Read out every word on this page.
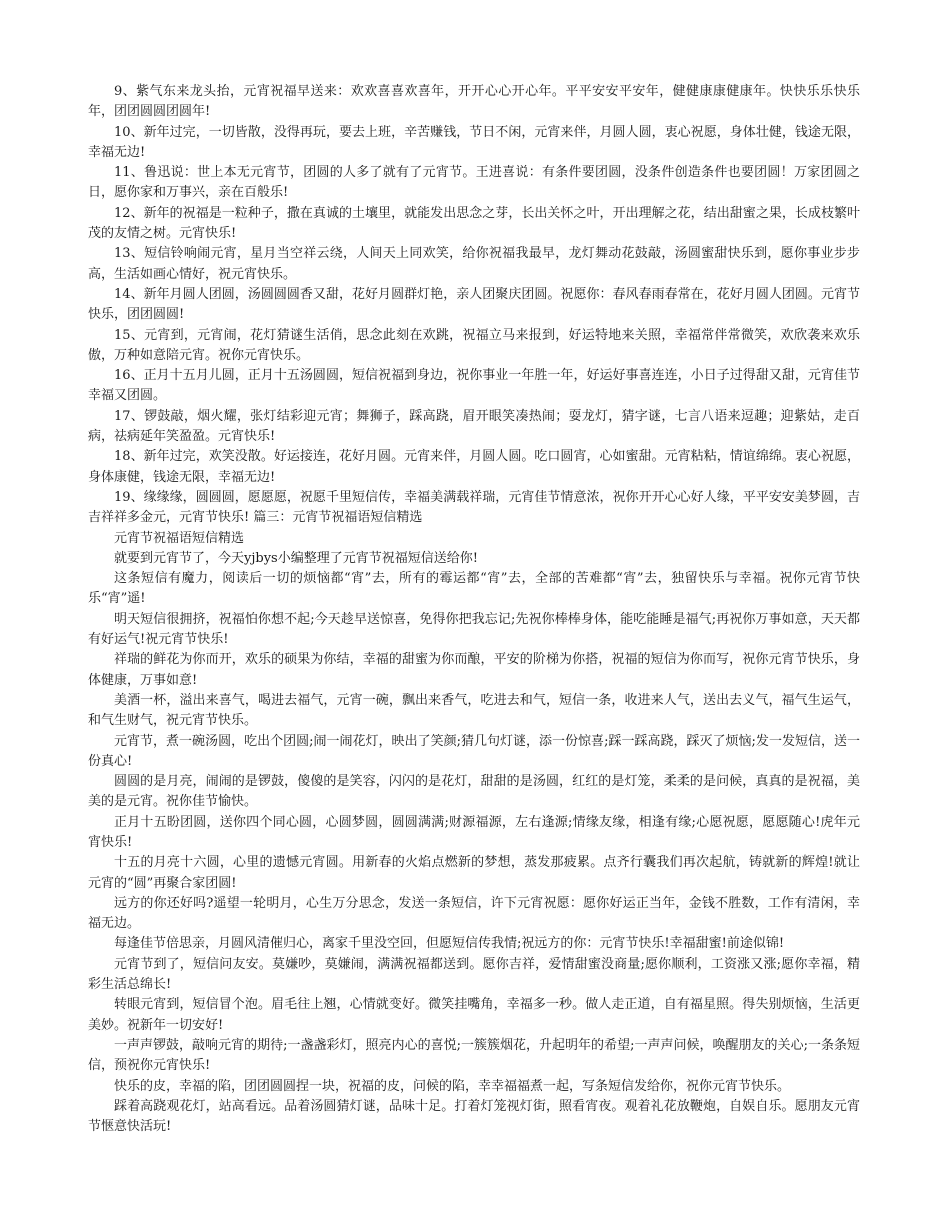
9、紫气东来龙头抬，元宵祝福早送来：欢欢喜喜欢喜年，开开心心开心年。平平安安平安年，健健康康健康年。快快乐乐快乐年，团团圆圆团圆年!

10、新年过完，一切皆散，没得再玩，要去上班，辛苦赚钱，节日不闲，元宵来伴，月圆人圆，衷心祝愿，身体壮健，钱途无限，幸福无边!

11、鲁迅说：世上本无元宵节，团圆的人多了就有了元宵节。王进喜说：有条件要团圆，没条件创造条件也要团圆！万家团圆之日，愿你家和万事兴，亲在百般乐!

12、新年的祝福是一粒种子，撒在真诚的土壤里，就能发出思念之芽，长出关怀之叶，开出理解之花，结出甜蜜之果，长成枝繁叶茂的友情之树。元宵快乐!

13、短信铃响闹元宵，星月当空祥云绕，人间天上同欢笑，给你祝福我最早，龙灯舞动花鼓敲，汤圆蜜甜快乐到，愿你事业步步高，生活如画心情好，祝元宵快乐。

14、新年月圆人团圆，汤圆圆圆香又甜，花好月圆群灯艳，亲人团聚庆团圆。祝愿你：春风春雨春常在，花好月圆人团圆。元宵节快乐，团团圆圆!

15、元宵到，元宵闹，花灯猜谜生活俏，思念此刻在欢跳，祝福立马来报到，好运特地来关照，幸福常伴常微笑，欢欣袭来欢乐傲，万种如意陪元宵。祝你元宵快乐。

16、正月十五月儿圆，正月十五汤圆圆，短信祝福到身边，祝你事业一年胜一年，好运好事喜连连，小日子过得甜又甜，元宵佳节幸福又团圆。

17、锣鼓敲，烟火耀，张灯结彩迎元宵；舞狮子，踩高跷，眉开眼笑凑热闹；耍龙灯，猜字谜，七言八语来逗趣；迎紫姑，走百病，祛病延年笑盈盈。元宵快乐!

18、新年过完，欢笑没散。好运接连，花好月圆。元宵来伴，月圆人圆。吃口圆宵，心如蜜甜。元宵粘粘，情谊绵绵。衷心祝愿，身体康健，钱途无限，幸福无边!

19、缘缘缘，圆圆圆，愿愿愿，祝愿千里短信传，幸福美满载祥瑞，元宵佳节情意浓，祝你开开心心好人缘，平平安安美梦圆，吉吉祥祥多金元，元宵节快乐! 篇三：元宵节祝福语短信精选

元宵节祝福语短信精选

就要到元宵节了，今天yjbys小编整理了元宵节祝福短信送给你!

这条短信有魔力，阅读后一切的烦恼都“宵”去，所有的霉运都“宵”去，全部的苦难都“宵”去，独留快乐与幸福。祝你元宵节快乐“宵”遥!

明天短信很拥挤，祝福怕你想不起;今天趁早送惊喜，免得你把我忘记;先祝你棒棒身体，能吃能睡是福气;再祝你万事如意，天天都有好运气!祝元宵节快乐!

祥瑞的鲜花为你而开，欢乐的硕果为你结，幸福的甜蜜为你而酿，平安的阶梯为你搭，祝福的短信为你而写，祝你元宵节快乐，身体健康，万事如意!

美酒一杯，溢出来喜气，喝进去福气，元宵一碗，飘出来香气，吃进去和气，短信一条，收进来人气，送出去义气，福气生运气，和气生财气，祝元宵节快乐。

元宵节，煮一碗汤圆，吃出个团圆;闹一闹花灯，映出了笑颜;猜几句灯谜，添一份惊喜;踩一踩高跷，踩灭了烦恼;发一发短信，送一份真心!

圆圆的是月亮，闹闹的是锣鼓，傻傻的是笑容，闪闪的是花灯，甜甜的是汤圆，红红的是灯笼，柔柔的是问候，真真的是祝福，美美的是元宵。祝你佳节愉快。

正月十五盼团圆，送你四个同心圆，心圆梦圆，圆圆满满;财源福源，左右逢源;情缘友缘，相逢有缘;心愿祝愿，愿愿随心!虎年元宵快乐!

十五的月亮十六圆，心里的遗憾元宵圆。用新春的火焰点燃新的梦想，蒸发那疲累。点齐行囊我们再次起航，铸就新的辉煌!就让元宵的“圆”再聚合家团圆!

远方的你还好吗?遥望一轮明月，心生万分思念，发送一条短信，许下元宵祝愿：愿你好运正当年，金钱不胜数，工作有清闲，幸福无边。

每逢佳节倍思亲，月圆风清催归心，离家千里没空回，但愿短信传我情;祝远方的你：元宵节快乐!幸福甜蜜!前途似锦!

元宵节到了，短信问友安。莫嫌吵，莫嫌闹，满满祝福都送到。愿你吉祥，爱情甜蜜没商量;愿你顺利，工资涨又涨;愿你幸福，精彩生活总绵长!

转眼元宵到，短信冒个泡。眉毛往上翘，心情就变好。微笑挂嘴角，幸福多一秒。做人走正道，自有福星照。得失别烦恼，生活更美妙。祝新年一切安好!

一声声锣鼓，敲响元宵的期待;一盏盏彩灯，照亮内心的喜悦;一簇簇烟花，升起明年的希望;一声声问候，唤醒朋友的关心;一条条短信，预祝你元宵快乐!

快乐的皮，幸福的陷，团团圆圆捏一块，祝福的皮，问候的陷，幸幸福福煮一起，写条短信发给你，祝你元宵节快乐。

踩着高跷观花灯，站高看远。品着汤圆猜灯谜，品味十足。打着灯笼视灯街，照看宵夜。观着礼花放鞭炮，自娱自乐。愿朋友元宵节惬意快活玩!
